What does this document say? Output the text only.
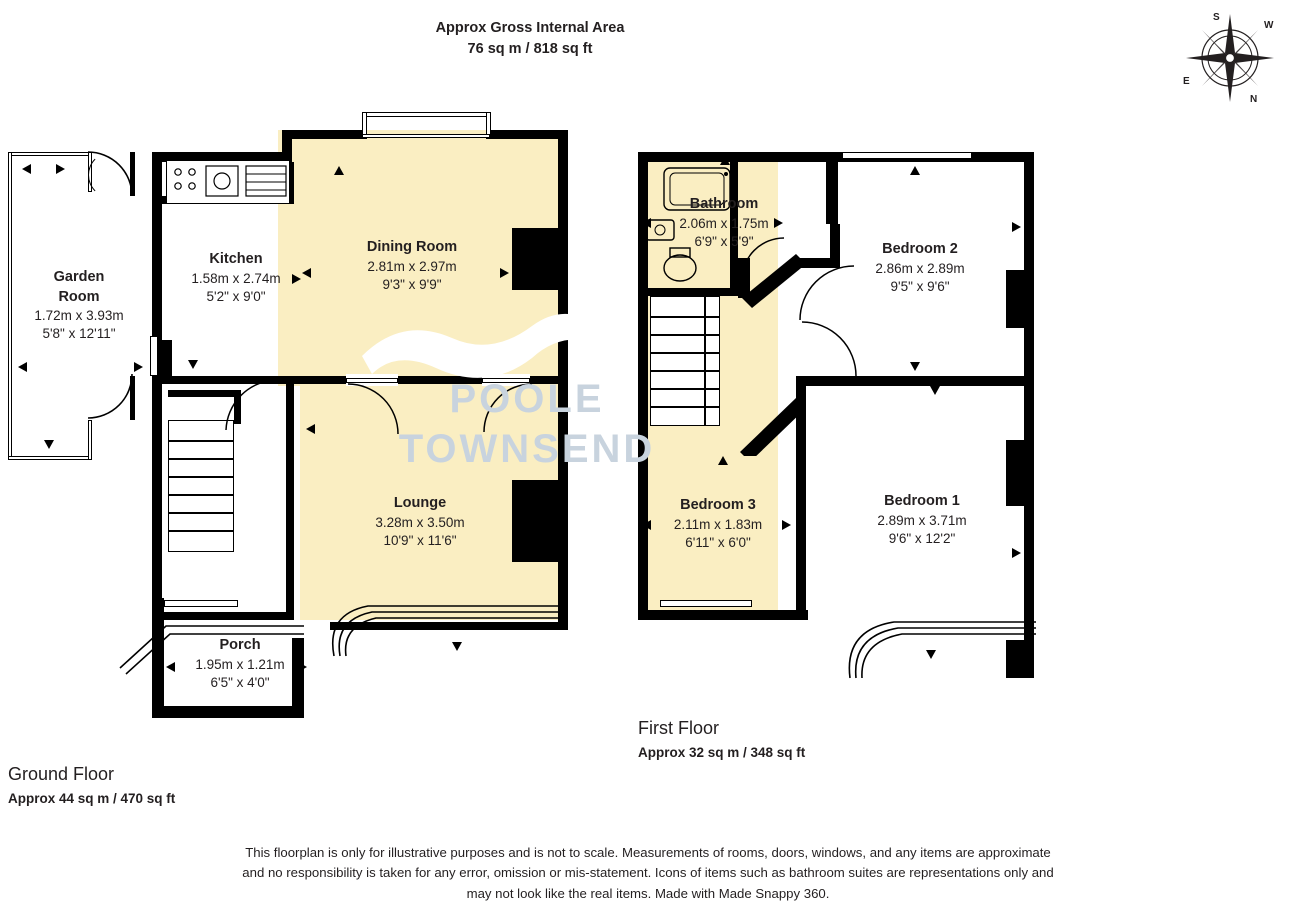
Approx Gross Internal Area
76 sq m / 818 sq ft
S
W
E
N
POOLE
TOWNSEND
Garden
Room
1.72m x 3.93m
5'8" x 12'11"
Kitchen
1.58m x 2.74m
5'2" x 9'0"
Dining Room
2.81m x 2.97m
9'3" x 9'9"
Lounge
3.28m x 3.50m
10'9" x 11'6"
Porch
1.95m x 1.21m
6'5" x 4'0"
Bathroom
2.06m x 1.75m
6'9" x 5'9"	Bedroom 2
2.86m x 2.89m
9'5" x 9'6"
Bedroom 3
2.11m x 1.83m
6'11" x 6'0"
Bedroom 1
2.89m x 3.71m
9'6" x 12'2"
First Floor
Approx 32 sq m / 348 sq ft
Ground Floor
Approx 44 sq m / 470 sq ft
This floorplan is only for illustrative purposes and is not to scale. Measurements of rooms, doors, windows, and any items are approximate
and no responsibility is taken for any error, omission or mis-statement. Icons of items such as bathroom suites are representations only and
may not look like the real items. Made with Made Snappy 360.
